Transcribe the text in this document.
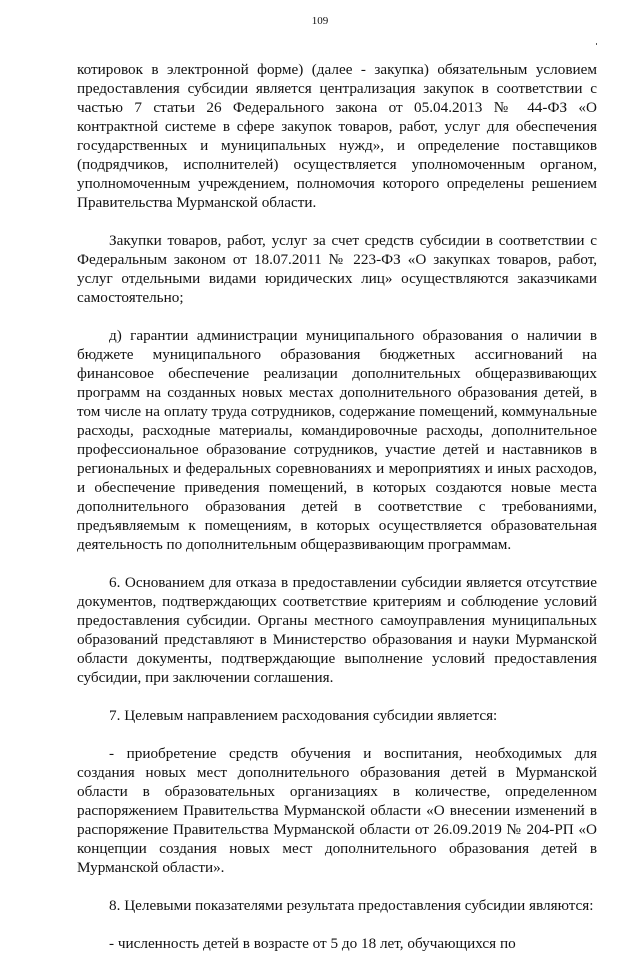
109

котировок в электронной форме) (далее - закупка) обязательным условием предоставления субсидии является централизация закупок в соответствии с частью 7 статьи 26 Федерального закона от 05.04.2013 № 44-ФЗ «О контрактной системе в сфере закупок товаров, работ, услуг для обеспечения государственных и муниципальных нужд», и определение поставщиков (подрядчиков, исполнителей) осуществляется уполномоченным органом, уполномоченным учреждением, полномочия которого определены решением Правительства Мурманской области.

Закупки товаров, работ, услуг за счет средств субсидии в соответствии с Федеральным законом от 18.07.2011 № 223-ФЗ «О закупках товаров, работ, услуг отдельными видами юридических лиц» осуществляются заказчиками самостоятельно;

д) гарантии администрации муниципального образования о наличии в бюджете муниципального образования бюджетных ассигнований на финансовое обеспечение реализации дополнительных общеразвивающих программ на созданных новых местах дополнительного образования детей, в том числе на оплату труда сотрудников, содержание помещений, коммунальные расходы, расходные материалы, командировочные расходы, дополнительное профессиональное образование сотрудников, участие детей и наставников в региональных и федеральных соревнованиях и мероприятиях и иных расходов, и обеспечение приведения помещений, в которых создаются новые места дополнительного образования детей в соответствие с требованиями, предъявляемым к помещениям, в которых осуществляется образовательная деятельность по дополнительным общеразвивающим программам.

6. Основанием для отказа в предоставлении субсидии является отсутствие документов, подтверждающих соответствие критериям и соблюдение условий предоставления субсидии. Органы местного самоуправления муниципальных образований представляют в Министерство образования и науки Мурманской области документы, подтверждающие выполнение условий предоставления субсидии, при заключении соглашения.

7. Целевым направлением расходования субсидии является:

- приобретение средств обучения и воспитания, необходимых для создания новых мест дополнительного образования детей в Мурманской области в образовательных организациях в количестве, определенном распоряжением Правительства Мурманской области «О внесении изменений в распоряжение Правительства Мурманской области от 26.09.2019 № 204-РП «О концепции создания новых мест дополнительного образования детей в Мурманской области».

8. Целевыми показателями результата предоставления субсидии являются:

- численность детей в возрасте от 5 до 18 лет, обучающихся по
